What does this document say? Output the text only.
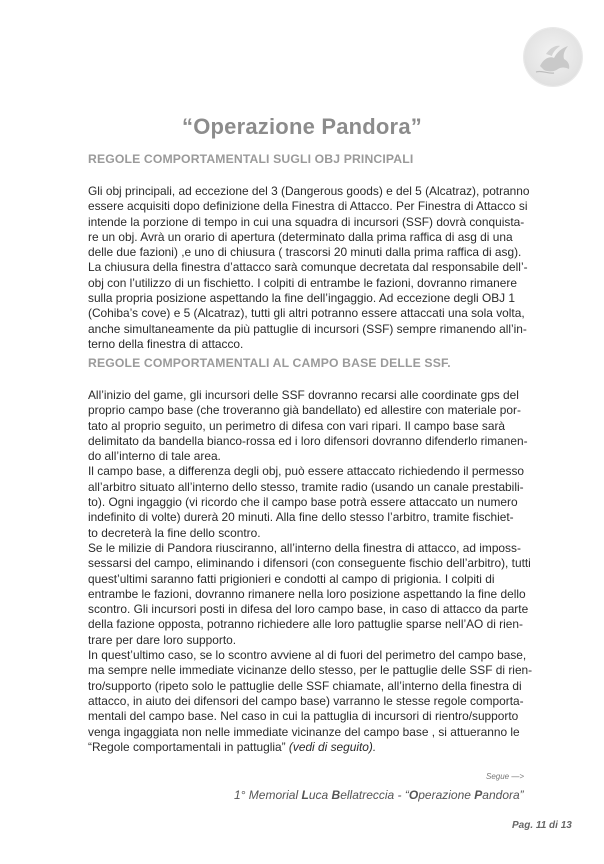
“Operazione Pandora”
REGOLE COMPORTAMENTALI SUGLI OBJ PRINCIPALI
Gli obj principali, ad eccezione del 3 (Dangerous goods) e del 5 (Alcatraz), potranno
essere acquisiti dopo definizione della Finestra di Attacco. Per Finestra di Attacco si
intende la porzione di tempo in cui una squadra di incursori (SSF) dovrà conquista-
re un obj. Avrà un orario di apertura (determinato dalla prima raffica di asg di una
delle due fazioni) ,e uno di chiusura ( trascorsi 20 minuti dalla prima raffica di asg).
La chiusura della finestra d’attacco sarà comunque decretata dal responsabile dell’-
obj con l’utilizzo di un fischietto. I colpiti di entrambe le fazioni, dovranno rimanere
sulla propria posizione aspettando la fine dell’ingaggio. Ad eccezione degli OBJ 1
(Cohiba’s cove) e 5 (Alcatraz), tutti gli altri potranno essere attaccati una sola volta,
anche simultaneamente da più pattuglie di incursori (SSF) sempre rimanendo all’in-
terno della finestra di attacco.
REGOLE COMPORTAMENTALI AL CAMPO BASE DELLE SSF.
All’inizio del game, gli incursori delle SSF dovranno recarsi alle coordinate gps del
proprio campo base (che troveranno già bandellato) ed allestire con materiale por-
tato al proprio seguito, un perimetro di difesa con vari ripari. Il campo base sarà
delimitato da bandella bianco-rossa ed i loro difensori dovranno difenderlo rimanen-
do all’interno di tale area.
Il campo base, a differenza degli obj, può essere attaccato richiedendo il permesso
all’arbitro situato all’interno dello stesso, tramite radio (usando un canale prestabili-
to). Ogni ingaggio (vi ricordo che il campo base potrà essere attaccato un numero
indefinito di volte) durerà 20 minuti. Alla fine dello stesso l’arbitro, tramite fischiet-
to decreterà la fine dello scontro.
Se le milizie di Pandora riusciranno, all’interno della finestra di attacco, ad imposs-
sessarsi del campo, eliminando i difensori (con conseguente fischio dell’arbitro), tutti
quest’ultimi saranno fatti prigionieri e condotti al campo di prigionia. I colpiti di
entrambe le fazioni, dovranno rimanere nella loro posizione aspettando la fine dello
scontro. Gli incursori posti in difesa del loro campo base, in caso di attacco da parte
della fazione opposta, potranno richiedere alle loro pattuglie sparse nell’AO di rien-
trare per dare loro supporto.
In quest’ultimo caso, se lo scontro avviene al di fuori del perimetro del campo base,
ma sempre nelle immediate vicinanze dello stesso, per le pattuglie delle SSF di rien-
tro/supporto (ripeto solo le pattuglie delle SSF chiamate, all’interno della finestra di
attacco, in aiuto dei difensori del campo base) varranno le stesse regole comporta-
mentali del campo base. Nel caso in cui la pattuglia di incursori di rientro/supporto
venga ingaggiata non nelle immediate vicinanze del campo base , si attueranno le
“Regole comportamentali in pattuglia” (vedi di seguito).
Segue —>
1° Memorial Luca Bellatreccia - “Operazione Pandora”
Pag. 11 di 13
